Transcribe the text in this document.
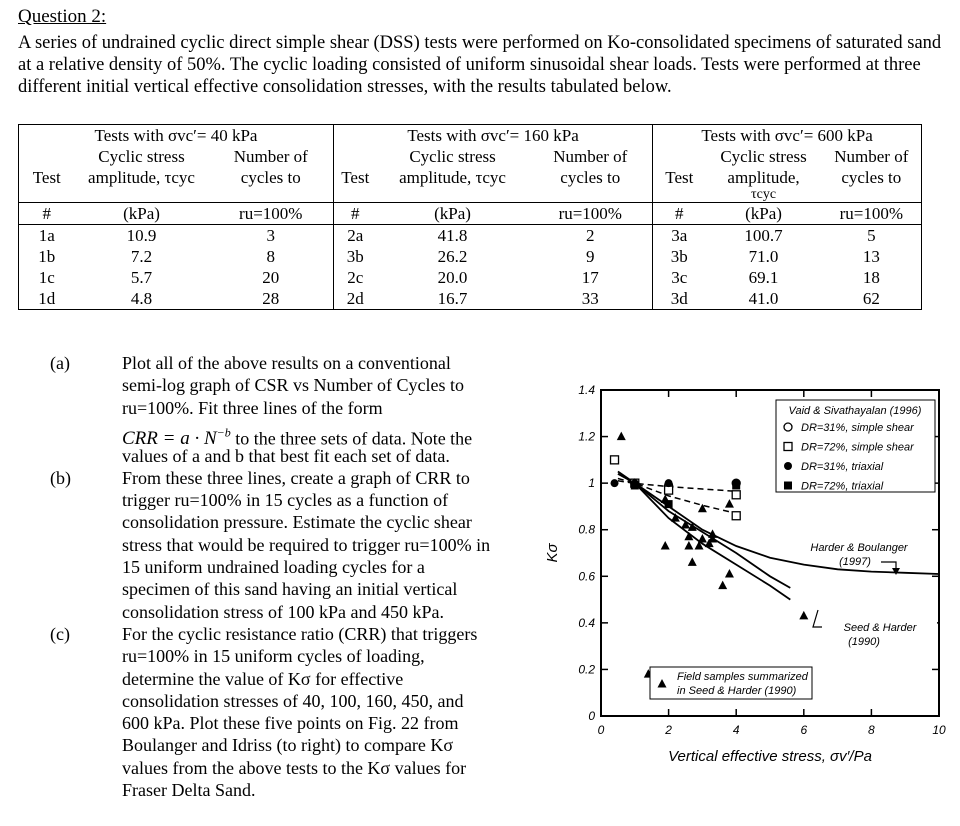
Question 2:
A series of undrained cyclic direct simple shear (DSS) tests were performed on Ko-consolidated specimens of saturated sand at a relative density of 50%. The cyclic loading consisted of uniform sinusoidal shear loads. Tests were performed at three different initial vertical effective consolidation stresses, with the results tabulated below.
Tests with σvc′= 40 kPa			Tests with σvc′= 160 kPa			Tests with σvc′= 600 kPa		
	Cyclic stress	Number of		Cyclic stress	Number of		Cyclic stress	Number of
Test	amplitude, τcyc	cycles to	Test	amplitude, τcyc	cycles to	Test	amplitude,	cycles to
							τcyc	
#	(kPa)	ru=100%	#	(kPa)	ru=100%	#	(kPa)	ru=100%
1a	10.9	3	2a	41.8	2	3a	100.7	5
1b	7.2	8	3b	26.2	9	3b	71.0	13
1c	5.7	20	2c	20.0	17	3c	69.1	18
1d	4.8	28	2d	16.7	33	3d	41.0	62
(a)	Plot all of the above results on a conventional
semi-log graph of CSR vs Number of Cycles to
ru=100%. Fit three lines of the form
CRR = $a \cdot N^{-b}$ to the three sets of data. Note the
values of a and b that best fit each set of data.
(b)	From these three lines, create a graph of CRR to
trigger ru=100% in 15 cycles as a function of
consolidation pressure. Estimate the cyclic shear
stress that would be required to trigger ru=100% in
15 uniform undrained loading cycles for a
specimen of this sand having an initial vertical
consolidation stress of 100 kPa and 450 kPa.
(c)	For the cyclic resistance ratio (CRR) that triggers
ru=100% in 15 uniform cycles of loading,
determine the value of Kσ for effective
consolidation stresses of 40, 100, 160, 450, and
600 kPa. Plot these five points on Fig. 22 from
Boulanger and Idriss (to right) to compare Kσ
values from the above tests to the Kσ values for
Fraser Delta Sand.
0
0.2
0.4
0.6
0.8
1
1.2
1.4
0	2	4	6	8	10
Vertical effective stress, σv′/Pa
Kσ
Vaid & Sivathayalan (1996)
DR=31%, simple shear
DR=72%, simple shear
DR=31%, triaxial
DR=72%, triaxial
Field samples summarized
in Seed & Harder (1990)
Harder & Boulanger
(1997)
Seed & Harder
(1990)
